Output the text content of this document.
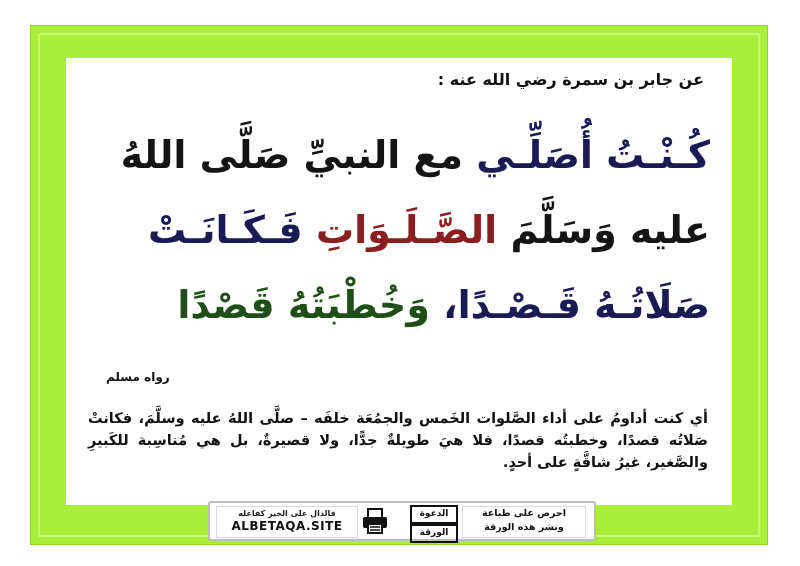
عن جابر بن سمرة رضي الله عنه :
كُـنْـتُ أُصَلِّـي مع النبيِّ صَلَّى اللهُ
عليه وَسَلَّمَ الصَّـلَـوَاتِ فَـكَـانَـتْ
صَلَاتُـهُ قَـصْـدًا، وَخُطْبَتُهُ قَصْدًا
رواه مسلم
أي كنت أداومُ على أداء الصَّلوات الخَمس والجمُعَة خلفَه – صلَّى اللهُ عليه وسلَّمَ، فكانتْ صَلاتُه قصدًا، وخطبتُه قصدًا، فلا هيَ طويلةٌ جدًّا، ولا قصيرةٌ، بل هي مُناسِبة للكَبيرِ والصَّغير، غيرُ شاقَّةٍ على أحدٍ.
فالدال على الخير كفاعله
ALBETAQA.SITE
الدعوة
الورقة
احرص على طباعة
ونشر هذه الورقة
